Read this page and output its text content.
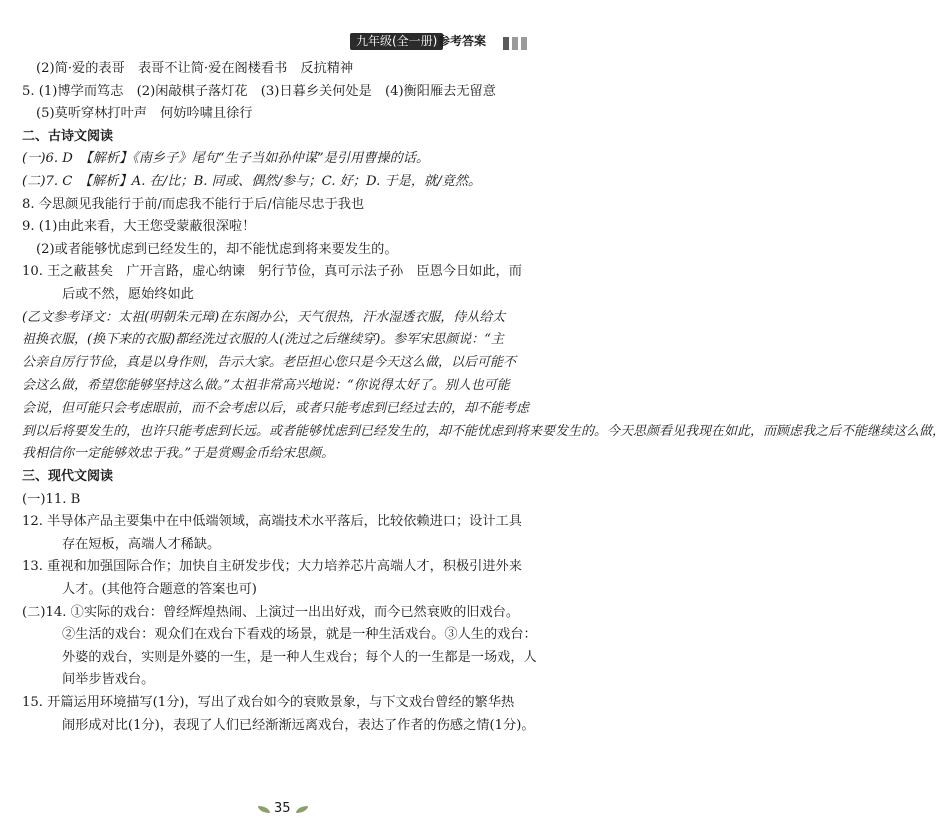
九年级(全一册) 参考答案
(2)简·爱的表哥　表哥不让简·爱在阁楼看书　反抗精神
5. (1)博学而笃志　(2)闲敲棋子落灯花　(3)日暮乡关何处是　(4)衡阳雁去无留意
(5)莫听穿林打叶声　何妨吟啸且徐行
二、古诗文阅读
(一)6. D　【解析】《南乡子》尾句“生子当如孙仲谋”是引用曹操的话。
(二)7. C　【解析】A. 在/比；B. 同或、偶然/参与；C. 好；D. 于是，就/竟然。
8. 今思颜见我能行于前/而虑我不能行于后/信能尽忠于我也
9. (1)由此来看，大王您受蒙蔽很深啦！
(2)或者能够忧虑到已经发生的，却不能忧虑到将来要发生的。
10. 王之蔽甚矣　广开言路，虚心纳谏　躬行节俭，真可示法子孙　臣恩今日如此，而
后或不然，愿始终如此
(乙文参考译文：太祖(明朝朱元璋)在东阁办公，天气很热，汗水湿透衣服，侍从给太
祖换衣服，(换下来的衣服)都经洗过衣服的人(洗过之后继续穿)。参军宋思颜说：“主
公亲自厉行节俭，真是以身作则，告示大家。老臣担心您只是今天这么做，以后可能不
会这么做，希望您能够坚持这么做。”太祖非常高兴地说：“你说得太好了。别人也可能
会说，但可能只会考虑眼前，而不会考虑以后，或者只能考虑到已经过去的，却不能考虑
到以后将要发生的，也许只能考虑到长远。或者能够忧虑到已经发生的，却不能忧虑到将来要发生的。今天思颜看见我现在如此，而顾虑我之后不能继续这么做，
我相信你一定能够效忠于我。”于是赏赐金币给宋思颜。
三、现代文阅读
(一)11. B
12. 半导体产品主要集中在中低端领域，高端技术水平落后，比较依赖进口；设计工具
存在短板，高端人才稀缺。
13. 重视和加强国际合作；加快自主研发步伐；大力培养芯片高端人才，积极引进外来
人才。(其他符合题意的答案也可)
(二)14. ①实际的戏台：曾经辉煌热闹、上演过一出出好戏，而今已然衰败的旧戏台。
②生活的戏台：观众们在戏台下看戏的场景，就是一种生活戏台。③人生的戏台：
外婆的戏台，实则是外婆的一生，是一种人生戏台；每个人的一生都是一场戏，人
间举步皆戏台。
15. 开篇运用环境描写(1分)，写出了戏台如今的衰败景象，与下文戏台曾经的繁华热
闹形成对比(1分)，表现了人们已经渐渐远离戏台，表达了作者的伤感之情(1分)。
35
